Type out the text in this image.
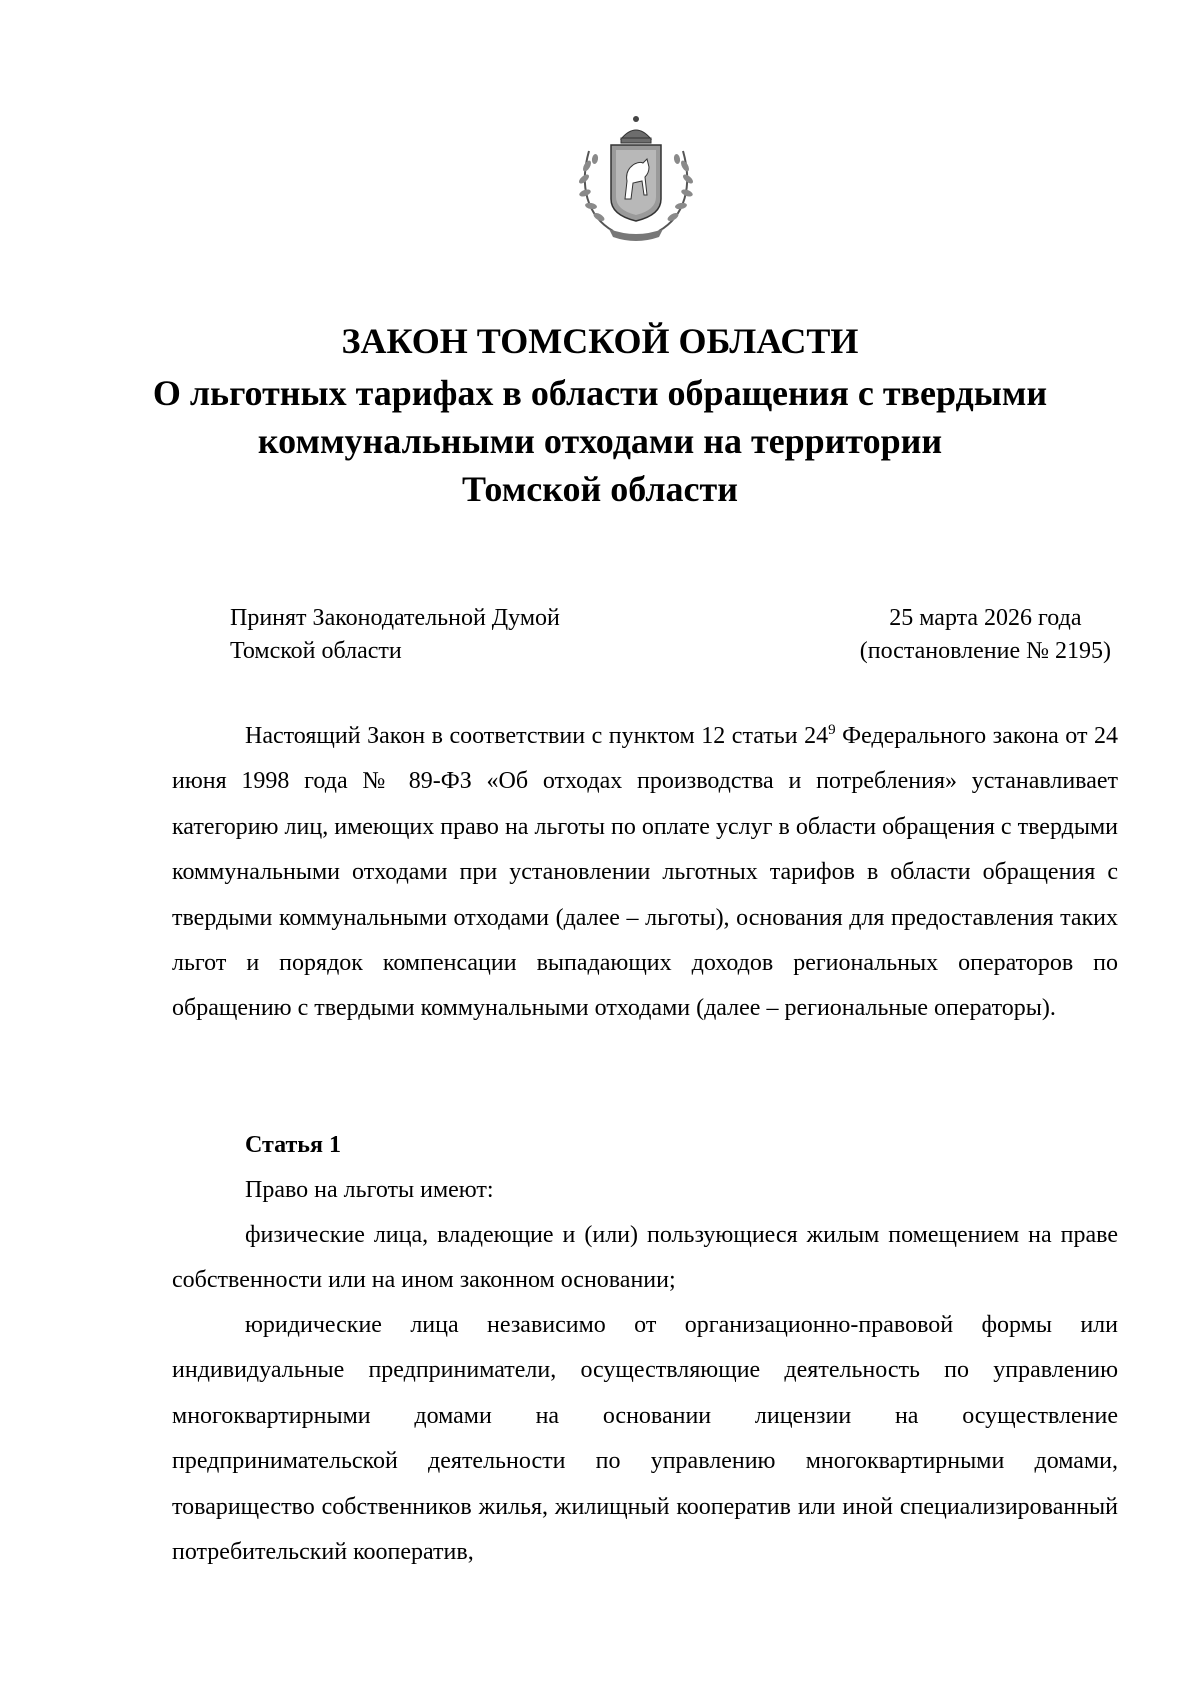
ЗАКОН ТОМСКОЙ ОБЛАСТИ
О льготных тарифах в области обращения с твердыми
коммунальными отходами на территории
Томской области
Принят Законодательной Думой
Томской области
25 марта 2026 года
(постановление № 2195)

Настоящий Закон в соответствии с пунктом 12 статьи $24^9$ Федерального закона от 24 июня 1998 года № 89-ФЗ «Об отходах производства и потребления» устанавливает категорию лиц, имеющих право на льготы по оплате услуг в области обращения с твердыми коммунальными отходами при установлении льготных тарифов в области обращения с твердыми коммунальными отходами (далее – льготы), основания для предоставления таких льгот и порядок компенсации выпадающих доходов региональных операторов по обращению с твердыми коммунальными отходами (далее – региональные операторы).

Статья 1

Право на льготы имеют:

физические лица, владеющие и (или) пользующиеся жилым помещением на праве собственности или на ином законном основании;

юридические лица независимо от организационно-правовой формы или индивидуальные предприниматели, осуществляющие деятельность по управлению многоквартирными домами на основании лицензии на осуществление предпринимательской деятельности по управлению многоквартирными домами, товарищество собственников жилья, жилищный кооператив или иной специализированный потребительский кооператив,
